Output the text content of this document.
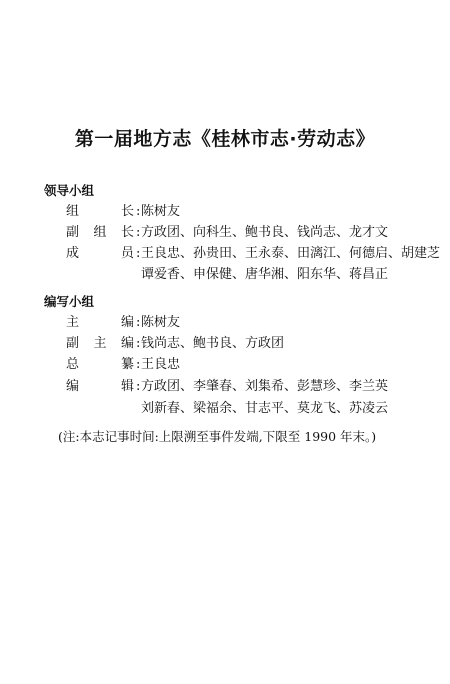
第一届地方志《桂林市志·劳动志》
领导小组
组	长 : 陈树友
副 组 长 : 方政团、向科生、鲍书良、钱尚志、龙才文
成	员 : 王良忠、孙贵田、王永泰、田漓江、何德启、胡建芝
谭爱香、申保健、唐华湘、阳东华、蒋昌正
编写小组
主	编 : 陈树友
副 主 编 : 钱尚志、鲍书良、方政团
总	纂 : 王良忠
编	辑 : 方政团、李肇春、刘集希、彭慧珍、李兰英
刘新春、梁福余、甘志平、莫龙飞、苏凌云
(注:本志记事时间:上限溯至事件发端,下限至 1990 年末。)
